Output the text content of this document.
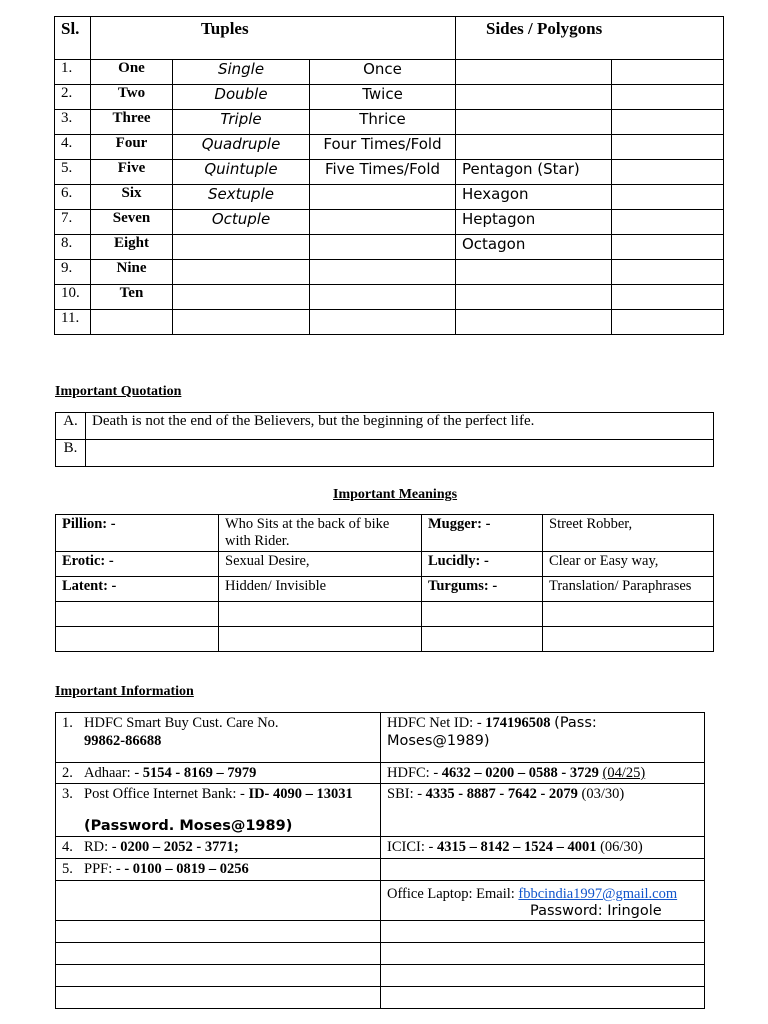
Sl.	Tuples			Sides / Polygons	
1.	One	Single	Once		
2.	Two	Double	Twice		
3.	Three	Triple	Thrice		
4.	Four	Quadruple	Four Times/Fold		
5.	Five	Quintuple	Five Times/Fold	Pentagon (Star)	
6.	Six	Sextuple		Hexagon	
7.	Seven	Octuple		Heptagon	
8.	Eight			Octagon	
9.	Nine				
10.	Ten				
11.					
Important Quotation
A.	Death is not the end of the Believers, but the beginning of the perfect life.
B.	
Important Meanings
Pillion: -	Who Sits at the back of bike with Rider.	Mugger: -	Street Robber,
Erotic: -	Sexual Desire,	Lucidly: -	Clear or Easy way,
Latent: -	Hidden/ Invisible	Turgums: -	Translation/ Paraphrases

Important Information
1. HDFC Smart Buy Cust. Care No.
99862-86688	HDFC Net ID: - 174196508 (Pass: Moses@1989)
2. Adhaar: - 5154 - 8169 – 7979	HDFC: - 4632 – 0200 – 0588 - 3729 (04/25)
3. Post Office Internet Bank: - ID- 4090 – 13031
(Password. Moses@1989)	SBI: - 4335 - 8887 - 7642 - 2079 (03/30)
4. RD: - 0200 – 2052 - 3771;	ICICI: - 4315 – 8142 – 1524 – 4001 (06/30)
5. PPF: - - 0100 – 0819 – 0256	
	Office Laptop: Email: fbbcindia1997@gmail.com
Password: Iringole
